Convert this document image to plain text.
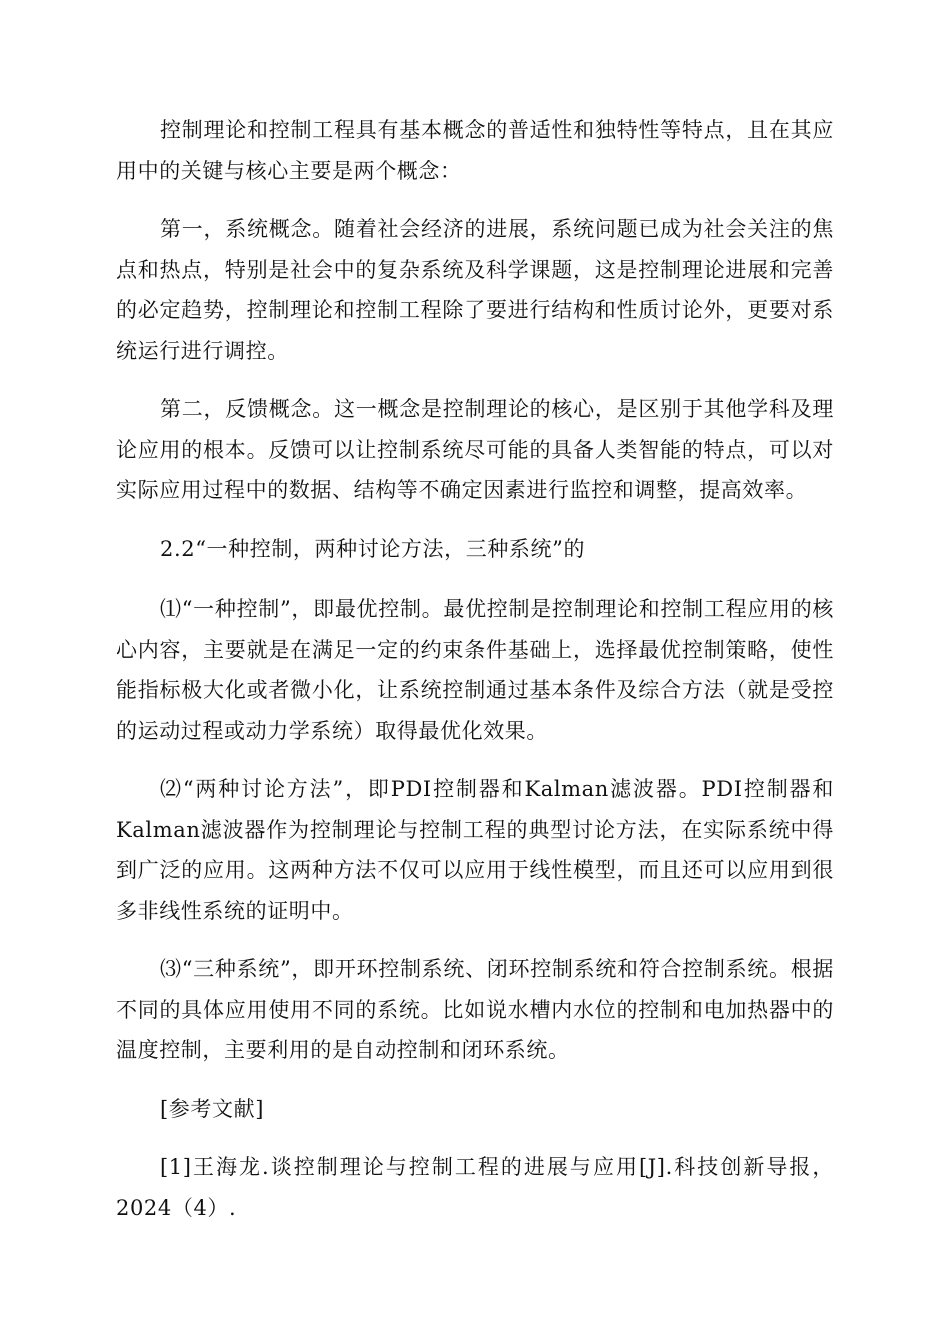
控制理论和控制工程具有基本概念的普适性和独特性等特点，且在其应用中的关键与核心主要是两个概念：

第一，系统概念。随着社会经济的进展，系统问题已成为社会关注的焦点和热点，特别是社会中的复杂系统及科学课题，这是控制理论进展和完善的必定趋势，控制理论和控制工程除了要进行结构和性质讨论外，更要对系统运行进行调控。

第二，反馈概念。这一概念是控制理论的核心，是区别于其他学科及理论应用的根本。反馈可以让控制系统尽可能的具备人类智能的特点，可以对实际应用过程中的数据、结构等不确定因素进行监控和调整，提高效率。

2.2“一种控制，两种讨论方法，三种系统”的

⑴“一种控制”，即最优控制。最优控制是控制理论和控制工程应用的核心内容，主要就是在满足一定的约束条件基础上，选择最优控制策略，使性能指标极大化或者微小化，让系统控制通过基本条件及综合方法（就是受控的运动过程或动力学系统）取得最优化效果。

⑵“两种讨论方法”，即PDI控制器和Kalman滤波器。PDI控制器和Kalman滤波器作为控制理论与控制工程的典型讨论方法，在实际系统中得到广泛的应用。这两种方法不仅可以应用于线性模型，而且还可以应用到很多非线性系统的证明中。

⑶“三种系统”，即开环控制系统、闭环控制系统和符合控制系统。根据不同的具体应用使用不同的系统。比如说水槽内水位的控制和电加热器中的温度控制，主要利用的是自动控制和闭环系统。

[参考文献]

[1]王海龙.谈控制理论与控制工程的进展与应用[J].科技创新导报，2024（4）.
